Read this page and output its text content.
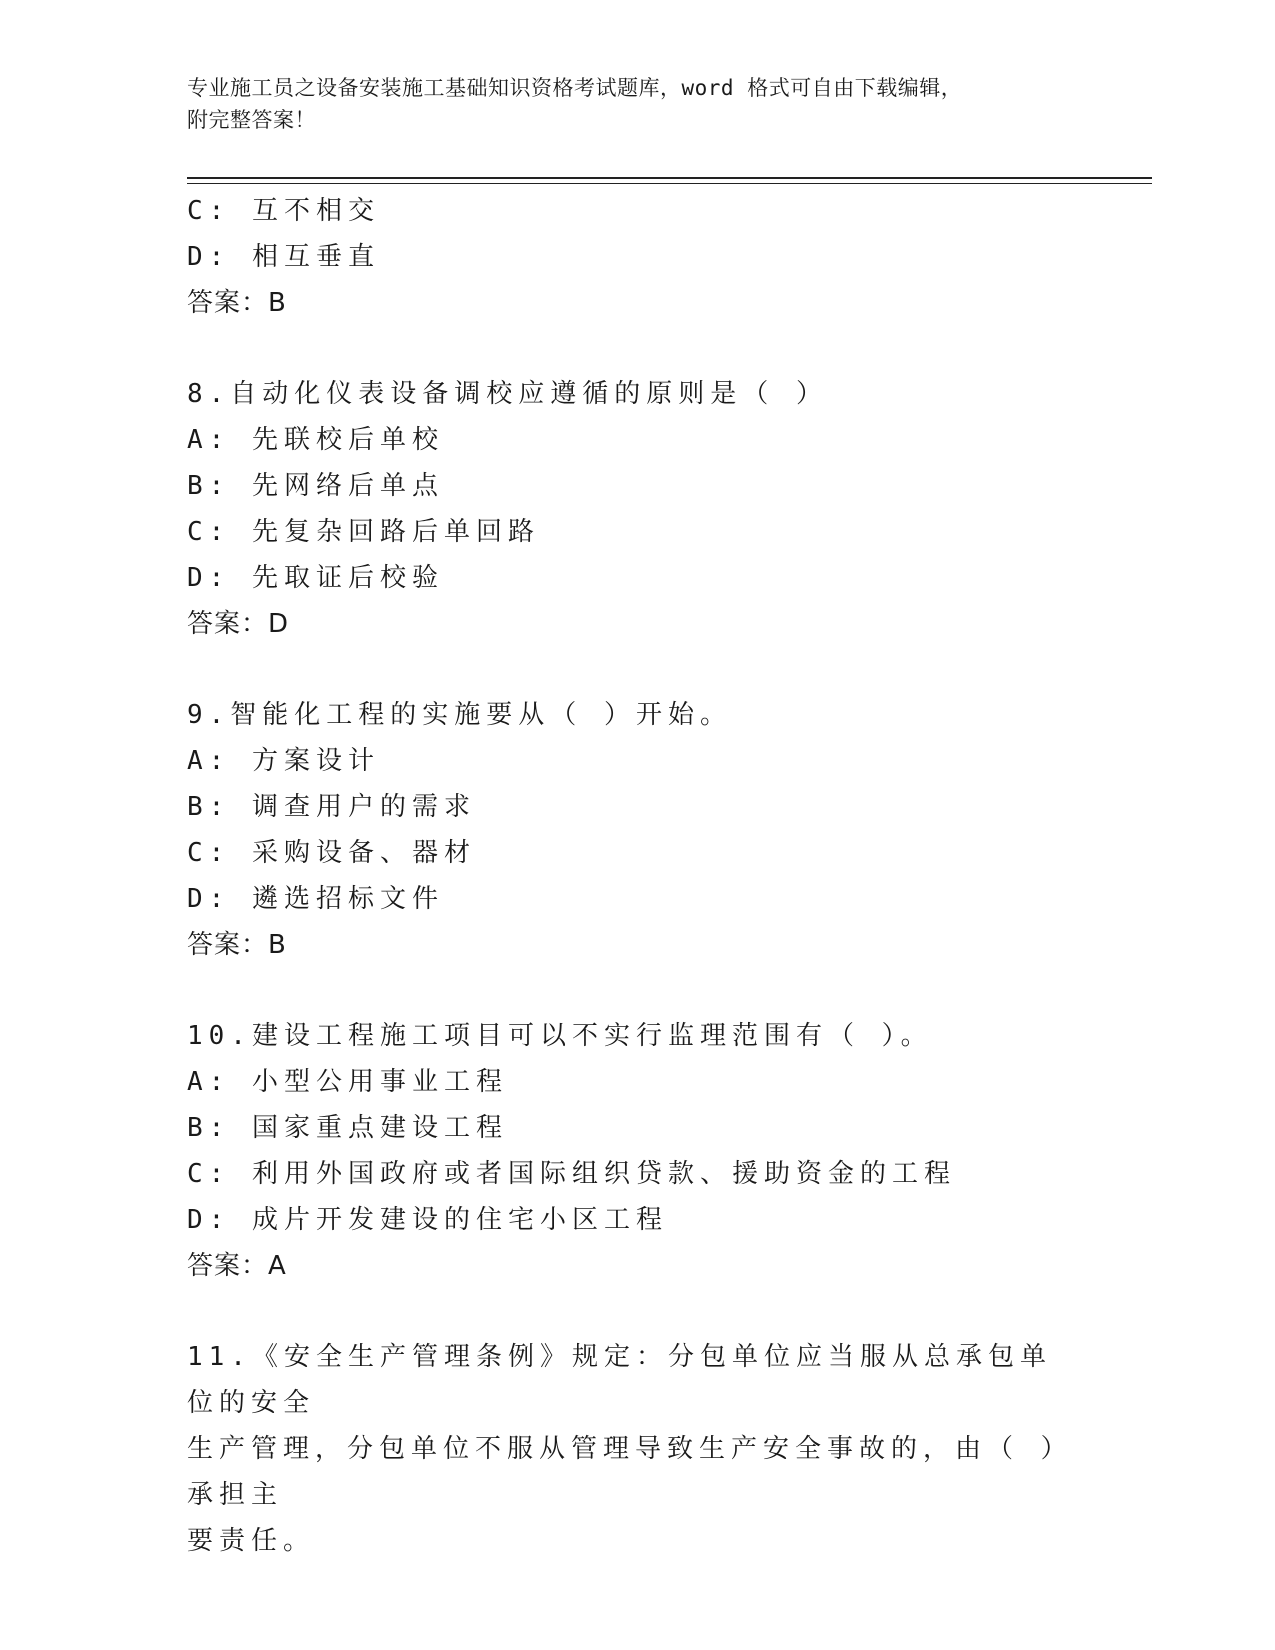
专业施工员之设备安装施工基础知识资格考试题库，word 格式可自由下载编辑，
附完整答案！
C: 互不相交
D: 相互垂直
答案：B
8.自动化仪表设备调校应遵循的原则是（ ）
A: 先联校后单校
B: 先网络后单点
C: 先复杂回路后单回路
D: 先取证后校验
答案：D
9.智能化工程的实施要从（ ）开始。
A: 方案设计
B: 调查用户的需求
C: 采购设备、器材
D: 遴选招标文件
答案：B
10.建设工程施工项目可以不实行监理范围有（ ）。
A: 小型公用事业工程
B: 国家重点建设工程
C: 利用外国政府或者国际组织贷款、援助资金的工程
D: 成片开发建设的住宅小区工程
答案：A
11.《安全生产管理条例》规定：分包单位应当服从总承包单位的安全
生产管理，分包单位不服从管理导致生产安全事故的，由（ ）承担主
要责任。
